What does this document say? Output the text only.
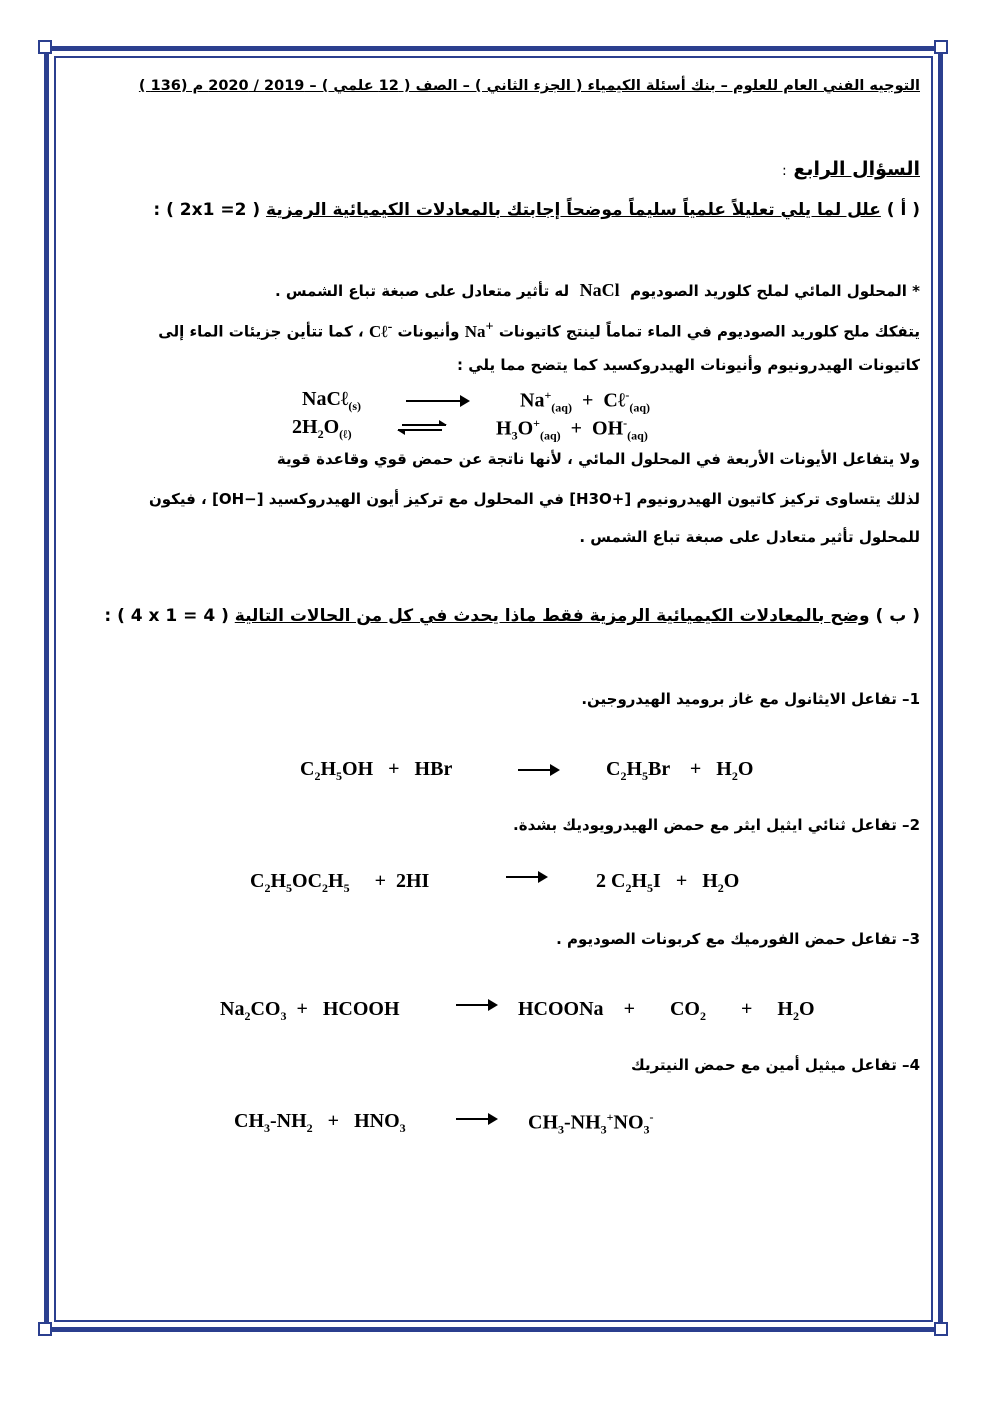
التوجيه الفني العام للعلوم – بنك أسئلة الكيمياء ( الجزء الثاني ) – الصف ( 12 علمي ) – 2019 / 2020 م (136 )
السؤال الرابع :
( أ ) علل لما يلي تعليلاً علمياً سليماً موضحاً إجابتك بالمعادلات الكيميائية الرمزية : ( 2x1 =2 )
* المحلول المائي لملح كلوريد الصوديوم  NaCl  له تأثير متعادل على صبغة تباع الشمس .
يتفكك ملح كلوريد الصوديوم في الماء تماماً لينتج كاتيونات Na+ وأنيونات Cℓ- ، كما تتأين جزيئات الماء إلى
كاتيونات الهيدرونيوم وأنيونات الهيدروكسيد كما يتضح مما يلي :
NaCℓ$_{(s)}$	$Na^+_{(aq)}$ + Cℓ-$_{(aq)}$
$2H_2O_{(\ell)}$	$H_3O^+_{(aq)} + OH^-_{(aq)}$
ولا يتفاعل الأيونات الأربعة في المحلول المائي ، لأنها ناتجة عن حمض قوي وقاعدة قوية
لذلك يتساوى تركيز كاتيون الهيدرونيوم [H3O+] في المحلول مع تركيز أيون الهيدروكسيد [OH−] ، فيكون
للمحلول تأثير متعادل على صبغة تباع الشمس .
( ب ) وضح بالمعادلات الكيميائية الرمزية فقط ماذا يحدث في كل من الحالات التالية : ( 4 x 1 = 4 )
1– تفاعل الايثانول مع غاز بروميد الهيدروجين.
$C_2H_5OH$ + HBr	$C_2H_5Br + H_2O$
2– تفاعل ثنائي ايثيل ايثر مع حمض الهيدرويوديك بشدة.
$C_2H_5OC_2H_5 + 2HI$	2 $C_2H_5I + H_2O$
3– تفاعل حمض الفورميك مع كربونات الصوديوم .
$Na_2CO_3$ + HCOOH	→ HCOONa + $CO_2 + H_2O$
4– تفاعل ميثيل أمين مع حمض النيتريك
$CH_3-NH_2 + HNO_3$	$CH_3-NH_3^+NO_3^-$
